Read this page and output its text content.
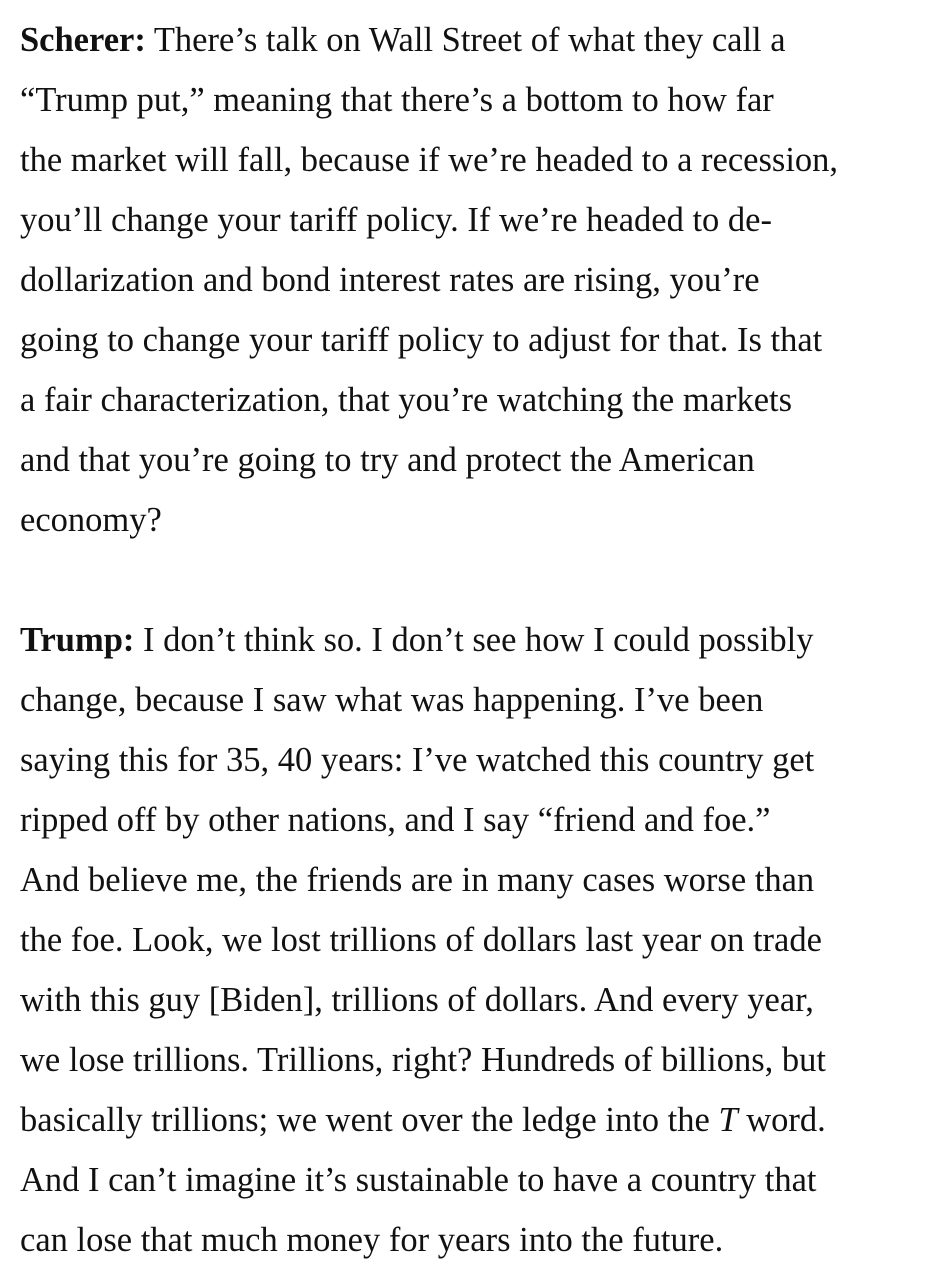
Scherer: There’s talk on Wall Street of what they call a
“Trump put,” meaning that there’s a bottom to how far
the market will fall, because if we’re headed to a recession,
you’ll change your tariff policy. If we’re headed to de-
dollarization and bond interest rates are rising, you’re
going to change your tariff policy to adjust for that. Is that
a fair characterization, that you’re watching the markets
and that you’re going to try and protect the American
economy?

Trump: I don’t think so. I don’t see how I could possibly
change, because I saw what was happening. I’ve been
saying this for 35, 40 years: I’ve watched this country get
ripped off by other nations, and I say “friend and foe.”
And believe me, the friends are in many cases worse than
the foe. Look, we lost trillions of dollars last year on trade
with this guy [Biden], trillions of dollars. And every year,
we lose trillions. Trillions, right? Hundreds of billions, but
basically trillions; we went over the ledge into the T word.
And I can’t imagine it’s sustainable to have a country that
can lose that much money for years into the future.
